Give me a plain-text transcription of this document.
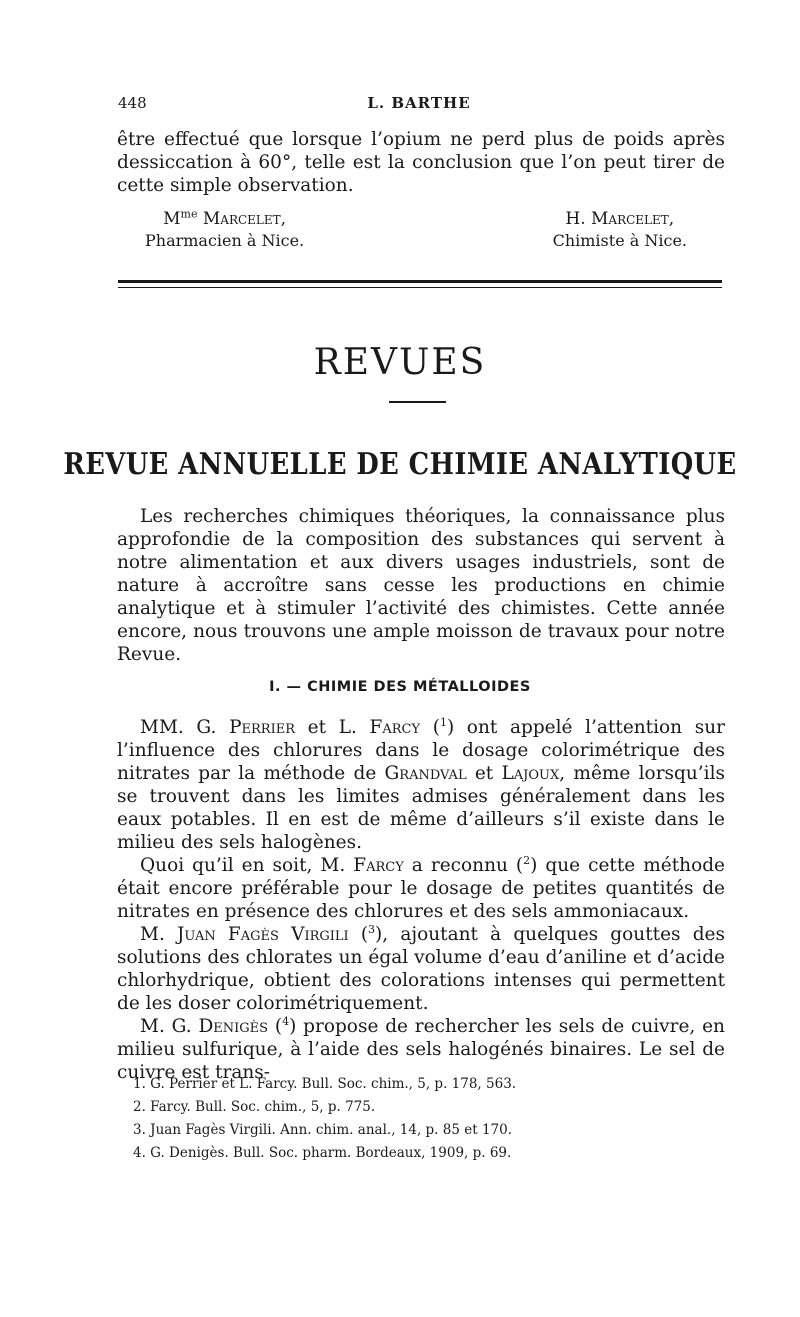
448	L. BARTHE

être effectué que lorsque l’opium ne perd plus de poids après dessiccation à 60°, telle est la conclusion que l’on peut tirer de cette simple observation.

$M^{me}$ Marcelet,
Pharmacien à Nice.
H. Marcelet,
Chimiste à Nice.
REVUES
REVUE ANNUELLE DE CHIMIE ANALYTIQUE

Les recherches chimiques théoriques, la connaissance plus approfondie de la composition des substances qui servent à notre alimentation et aux divers usages industriels, sont de nature à accroître sans cesse les productions en chimie analytique et à stimuler l’activité des chimistes. Cette année encore, nous trouvons une ample moisson de travaux pour notre Revue.

I. — CHIMIE DES MÉTALLOIDES

MM. G. Perrier et L. Farcy ($^1$) ont appelé l’attention sur l’influence des chlorures dans le dosage colorimétrique des nitrates par la méthode de Grandval et Lajoux, même lorsqu’ils se trouvent dans les limites admises généralement dans les eaux potables. Il en est de même d’ailleurs s’il existe dans le milieu des sels halogènes.

Quoi qu’il en soit, M. Farcy a reconnu ($^2$) que cette méthode était encore préférable pour le dosage de petites quantités de nitrates en présence des chlorures et des sels ammoniacaux.

M. Juan Fagès Virgili ($^3$), ajoutant à quelques gouttes des solutions des chlorates un égal volume d’eau d’aniline et d’acide chlorhydrique, obtient des colorations intenses qui permettent de les doser colorimétriquement.

M. G. Denigès ($^4$) propose de rechercher les sels de cuivre, en milieu sulfurique, à l’aide des sels halogénés binaires. Le sel de cuivre est trans-

1. G. Perrier et L. Farcy. Bull. Soc. chim., 5, p. 178, 563.
2. Farcy. Bull. Soc. chim., 5, p. 775.
3. Juan Fagès Virgili. Ann. chim. anal., 14, p. 85 et 170.
4. G. Denigès. Bull. Soc. pharm. Bordeaux, 1909, p. 69.
